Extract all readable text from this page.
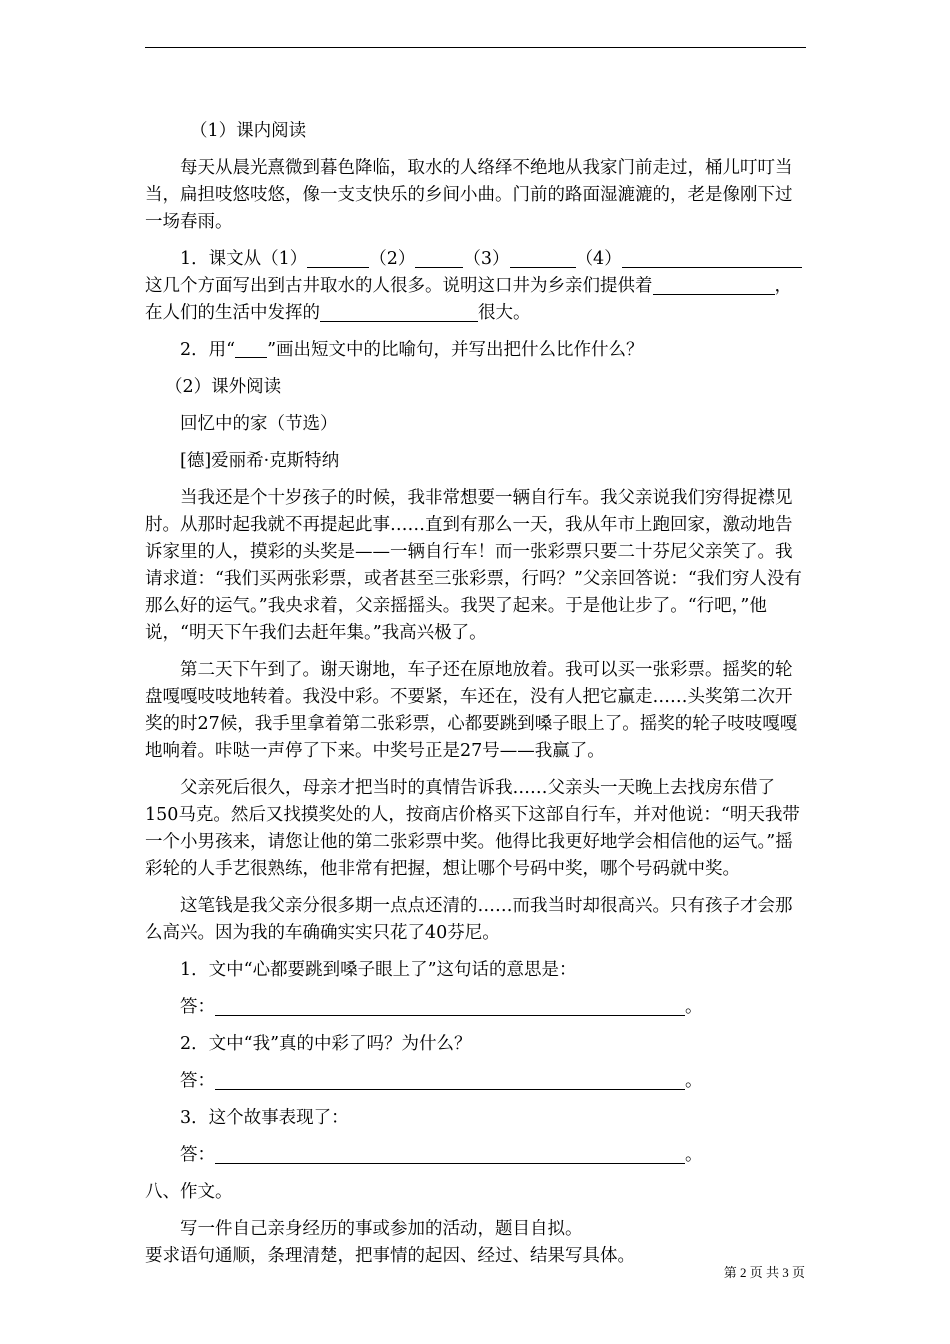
（1）课内阅读

每天从晨光熹微到暮色降临，取水的人络绎不绝地从我家门前走过，桶儿叮叮当当，扁担吱悠吱悠，像一支支快乐的乡间小曲。门前的路面湿漉漉的，老是像刚下过一场春雨。

1．课文从（1）	（2）	（3）	（4）这几个方面写出到古井取水的人很多。说明这口井为乡亲们提供着	，在人们的生活中发挥的	很大。

2．用“ ”画出短文中的比喻句，并写出把什么比作什么？

（2）课外阅读

回忆中的家（节选）

[德]爱丽希·克斯特纳

当我还是个十岁孩子的时候，我非常想要一辆自行车。我父亲说我们穷得捉襟见肘。从那时起我就不再提起此事……直到有那么一天，我从年市上跑回家，激动地告诉家里的人，摸彩的头奖是——一辆自行车！而一张彩票只要二十芬尼父亲笑了。我请求道：“我们买两张彩票，或者甚至三张彩票，行吗？”父亲回答说：“我们穷人没有那么好的运气。”我央求着，父亲摇摇头。我哭了起来。于是他让步了。“行吧，”他说，“明天下午我们去赶年集。”我高兴极了。

第二天下午到了。谢天谢地，车子还在原地放着。我可以买一张彩票。摇奖的轮盘嘎嘎吱吱地转着。我没中彩。不要紧，车还在，没有人把它赢走……头奖第二次开奖的时27候，我手里拿着第二张彩票，心都要跳到嗓子眼上了。摇奖的轮子吱吱嘎嘎地响着。咔哒一声停了下来。中奖号正是27号——我赢了。

父亲死后很久，母亲才把当时的真情告诉我……父亲头一天晚上去找房东借了150马克。然后又找摸奖处的人，按商店价格买下这部自行车，并对他说：“明天我带一个小男孩来，请您让他的第二张彩票中奖。他得比我更好地学会相信他的运气。”摇彩轮的人手艺很熟练，他非常有把握，想让哪个号码中奖，哪个号码就中奖。

这笔钱是我父亲分很多期一点点还清的……而我当时却很高兴。只有孩子才会那么高兴。因为我的车确确实实只花了40芬尼。

1．文中“心都要跳到嗓子眼上了”这句话的意思是：

答：	。

2．文中“我”真的中彩了吗？为什么？

答：	。

3．这个故事表现了：

答：	。

八、作文。

写一件自己亲身经历的事或参加的活动，题目自拟。

要求语句通顺，条理清楚，把事情的起因、经过、结果写具体。

第 2 页 共 3 页
